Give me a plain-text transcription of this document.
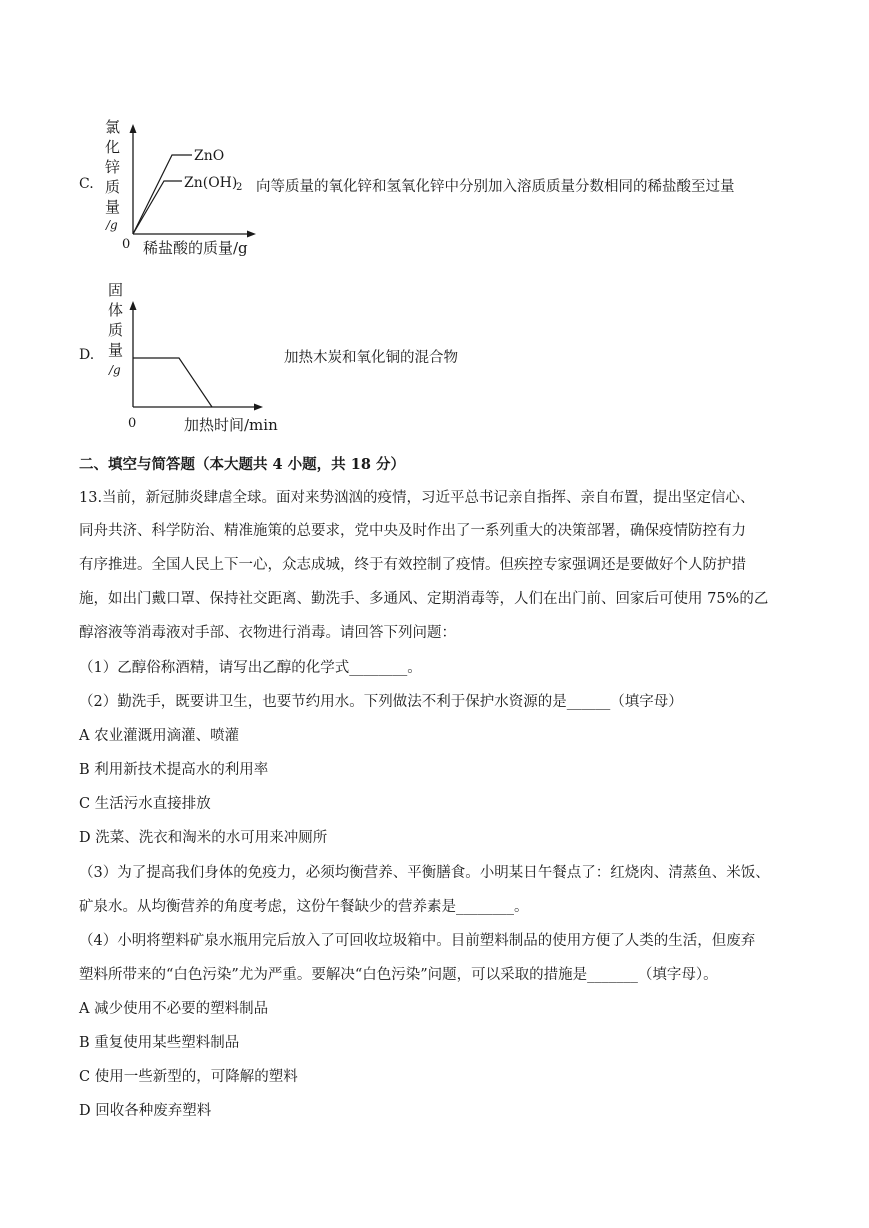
C.
氯
化
锌
质
量
/g
ZnO
Zn(OH)
2
0 稀盐酸的质量/g
向等质量的氧化锌和氢氧化锌中分别加入溶质质量分数相同的稀盐酸至过量
D.
固
体
质
量
/g
0	加热时间/min
加热木炭和氧化铜的混合物
二、填空与简答题（本大题共 4 小题，共 18 分）
13.当前，新冠肺炎肆虐全球。面对来势汹汹的疫情，习近平总书记亲自指挥、亲自布置，提出坚定信心、
同舟共济、科学防治、精准施策的总要求，党中央及时作出了一系列重大的决策部署，确保疫情防控有力
有序推进。全国人民上下一心，众志成城，终于有效控制了疫情。但疾控专家强调还是要做好个人防护措
施，如出门戴口罩、保持社交距离、勤洗手、多通风、定期消毒等，人们在出门前、回家后可使用 75%的乙
醇溶液等消毒液对手部、衣物进行消毒。请回答下列问题：
（1）乙醇俗称酒精，请写出乙醇的化学式________。
（2）勤洗手，既要讲卫生，也要节约用水。下列做法不利于保护水资源的是______（填字母）
A 农业灌溉用滴灌、喷灌
B 利用新技术提高水的利用率
C 生活污水直接排放
D 洗菜、洗衣和淘米的水可用来冲厕所
（3）为了提高我们身体的免疫力，必须均衡营养、平衡膳食。小明某日午餐点了：红烧肉、清蒸鱼、米饭、
矿泉水。从均衡营养的角度考虑，这份午餐缺少的营养素是________。
（4）小明将塑料矿泉水瓶用完后放入了可回收垃圾箱中。目前塑料制品的使用方便了人类的生活，但废弃
塑料所带来的“白色污染”尤为严重。要解决“白色污染”问题，可以采取的措施是_______（填字母）。
A 减少使用不必要的塑料制品
B 重复使用某些塑料制品
C 使用一些新型的，可降解的塑料
D 回收各种废弃塑料
